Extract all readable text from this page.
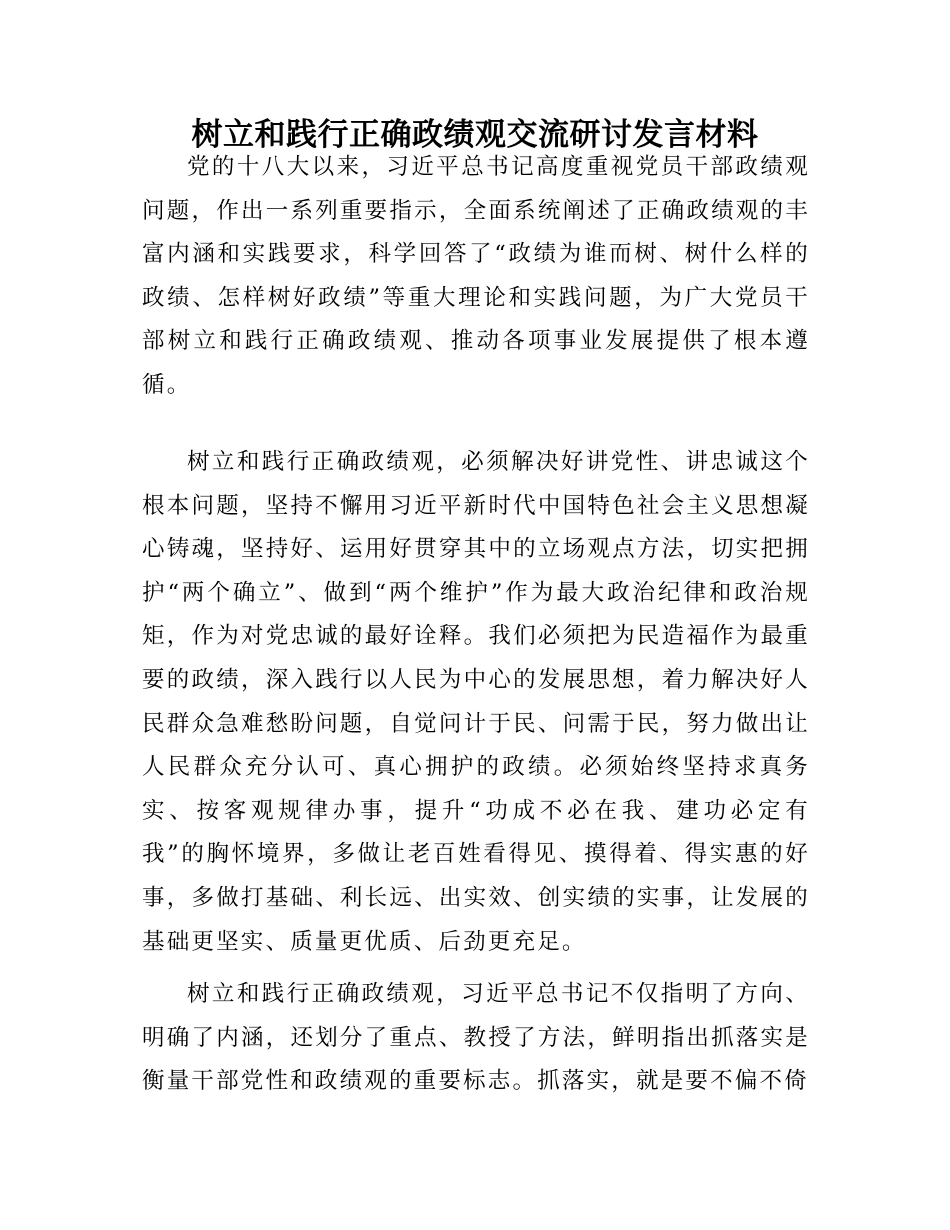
树立和践行正确政绩观交流研讨发言材料

党的十八大以来，习近平总书记高度重视党员干部政绩观问题，作出一系列重要指示，全面系统阐述了正确政绩观的丰富内涵和实践要求，科学回答了“政绩为谁而树、树什么样的政绩、怎样树好政绩”等重大理论和实践问题，为广大党员干部树立和践行正确政绩观、推动各项事业发展提供了根本遵循。

树立和践行正确政绩观，必须解决好讲党性、讲忠诚这个根本问题，坚持不懈用习近平新时代中国特色社会主义思想凝心铸魂，坚持好、运用好贯穿其中的立场观点方法，切实把拥护“两个确立”、做到“两个维护”作为最大政治纪律和政治规矩，作为对党忠诚的最好诠释。我们必须把为民造福作为最重要的政绩，深入践行以人民为中心的发展思想，着力解决好人民群众急难愁盼问题，自觉问计于民、问需于民，努力做出让人民群众充分认可、真心拥护的政绩。必须始终坚持求真务实、按客观规律办事，提升“功成不必在我、建功必定有我”的胸怀境界，多做让老百姓看得见、摸得着、得实惠的好事，多做打基础、利长远、出实效、创实绩的实事，让发展的基础更坚实、质量更优质、后劲更充足。

树立和践行正确政绩观，习近平总书记不仅指明了方向、明确了内涵，还划分了重点、教授了方法，鲜明指出抓落实是衡量干部党性和政绩观的重要标志。抓落实，就是要不偏不倚
